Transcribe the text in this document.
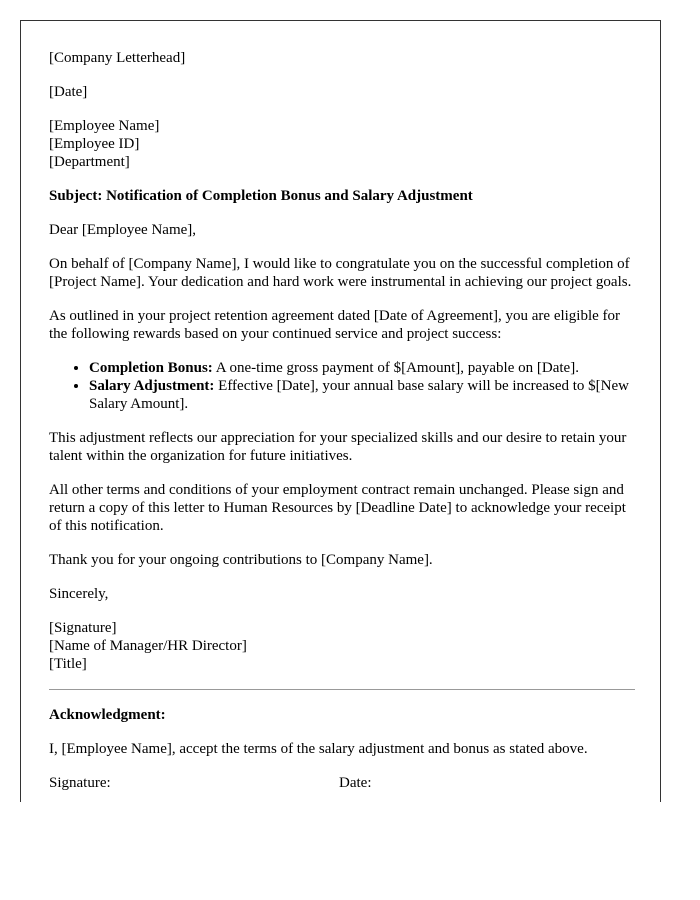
[Company Letterhead]

[Date]

[Employee Name]
[Employee ID]
[Department]

Subject: Notification of Completion Bonus and Salary Adjustment

Dear [Employee Name],

On behalf of [Company Name], I would like to congratulate you on the successful completion of [Project Name]. Your dedication and hard work were instrumental in achieving our project goals.

As outlined in your project retention agreement dated [Date of Agreement], you are eligible for the following rewards based on your continued service and project success:

• Completion Bonus: A one-time gross payment of $[Amount], payable on [Date].
• Salary Adjustment: Effective [Date], your annual base salary will be increased to $[New Salary Amount].

This adjustment reflects our appreciation for your specialized skills and our desire to retain your talent within the organization for future initiatives.

All other terms and conditions of your employment contract remain unchanged. Please sign and return a copy of this letter to Human Resources by [Deadline Date] to acknowledge your receipt of this notification.

Thank you for your ongoing contributions to [Company Name].

Sincerely,

[Signature]
[Name of Manager/HR Director]
[Title]

Acknowledgment:

I, [Employee Name], accept the terms of the salary adjustment and bonus as stated above.

Signature:	Date:
